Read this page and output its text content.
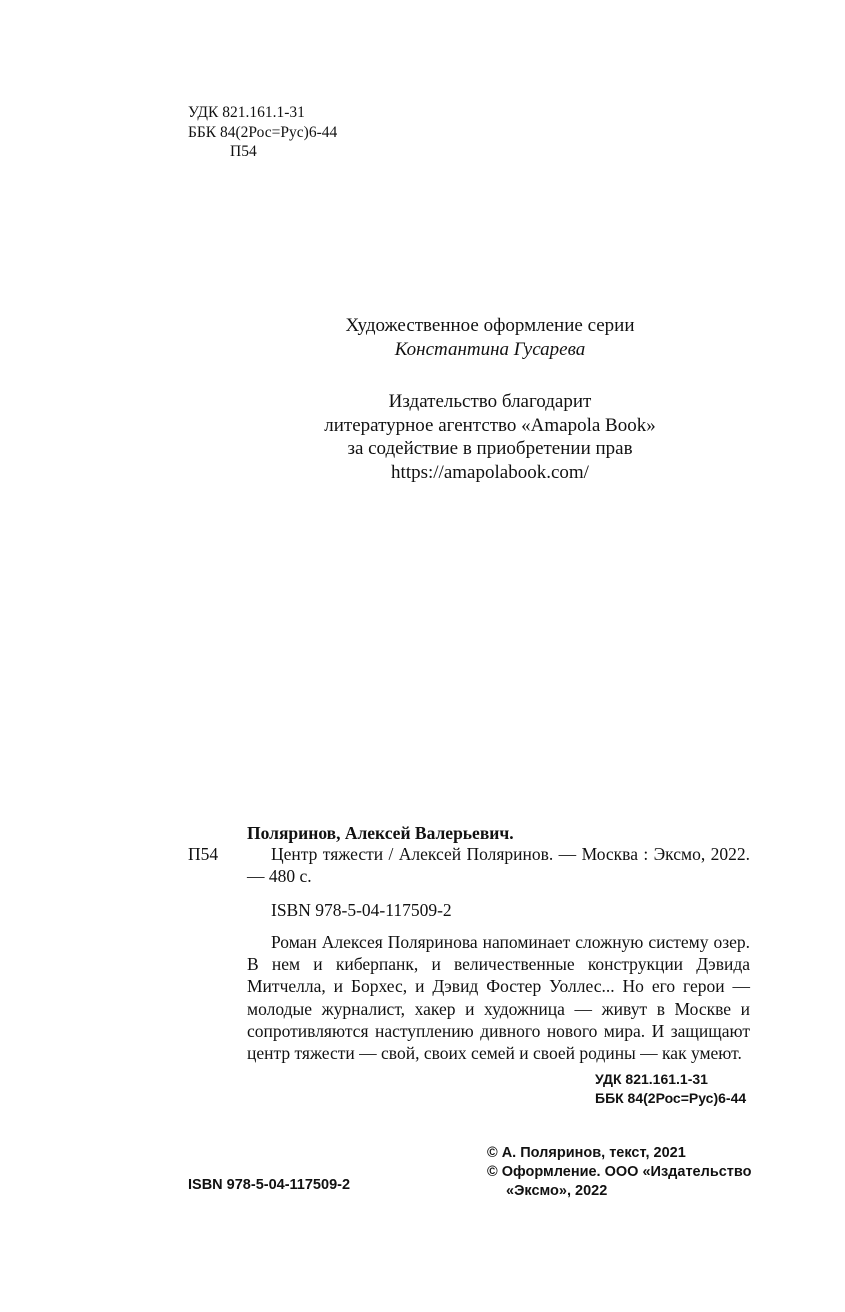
УДК 821.161.1-31
ББК 84(2Рос=Рус)6-44
П54
Художественное оформление серии
Константина Гусарева
Издательство благодарит
литературное агентство «Amapola Book»
за содействие в приобретении прав
https://amapolabook.com/
Поляринов, Алексей Валерьевич.
П54	Центр тяжести / Алексей Поляринов. — Москва : Эксмо, 2022. — 480 с.
ISBN 978-5-04-117509-2
Роман Алексея Поляринова напоминает сложную систему озер. В нем и киберпанк, и величественные конструкции Дэвида Митчелла, и Борхес, и Дэвид Фостер Уоллес... Но его герои — молодые журналист, хакер и художница — живут в Москве и сопротивляются наступлению дивного нового мира. И защищают центр тяжести — свой, своих семей и своей родины — как умеют.
УДК 821.161.1-31
ББК 84(2Рос=Рус)6-44
ISBN 978-5-04-117509-2
© А. Поляринов, текст, 2021
© Оформление. ООО «Издательство
«Эксмо», 2022
